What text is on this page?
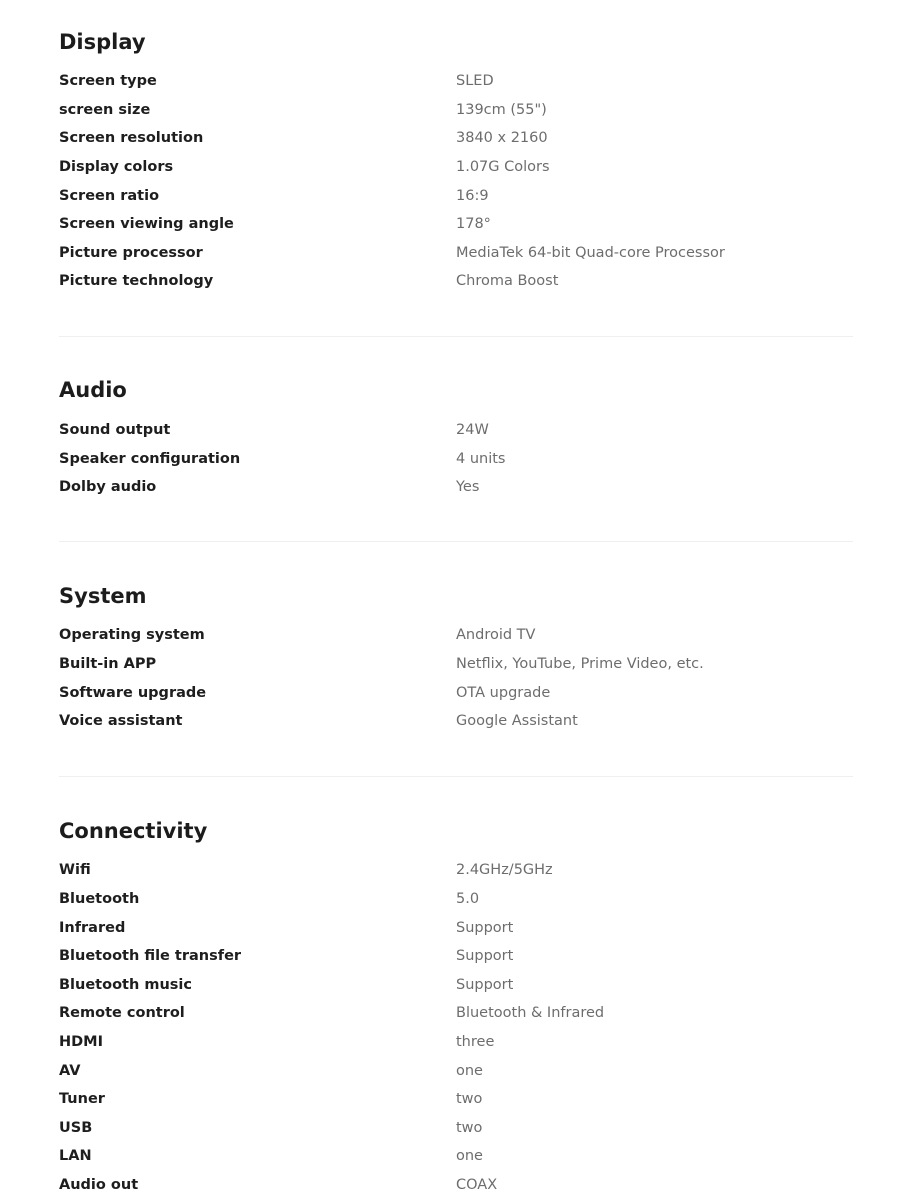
Display
Screen type	SLED
screen size	139cm (55")
Screen resolution	3840 x 2160
Display colors	1.07G Colors
Screen ratio	16:9
Screen viewing angle	178°
Picture processor	MediaTek 64-bit Quad-core Processor
Picture technology	Chroma Boost
Audio
Sound output	24W
Speaker configuration	4 units
Dolby audio	Yes
System
Operating system	Android TV
Built-in APP	Netflix, YouTube, Prime Video, etc.
Software upgrade	OTA upgrade
Voice assistant	Google Assistant
Connectivity
Wifi	2.4GHz/5GHz
Bluetooth	5.0
Infrared	Support
Bluetooth file transfer	Support
Bluetooth music	Support
Remote control	Bluetooth & Infrared
HDMI	three
AV	one
Tuner	two
USB	two
LAN	one
Audio out	COAX
